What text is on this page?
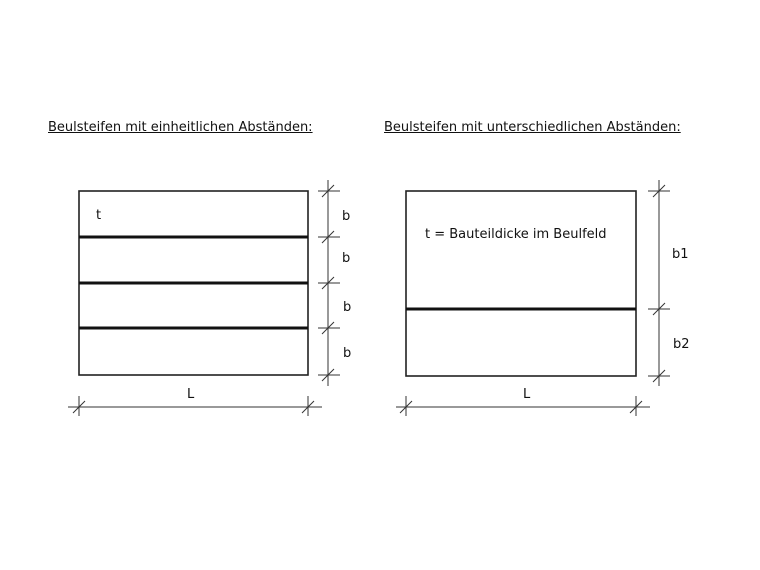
Beulsteifen mit einheitlichen Abständen:	Beulsteifen mit unterschiedlichen Abständen:
t	b
b
b
b
L
t = Bauteildicke im Beulfeld
b1
b2
L
